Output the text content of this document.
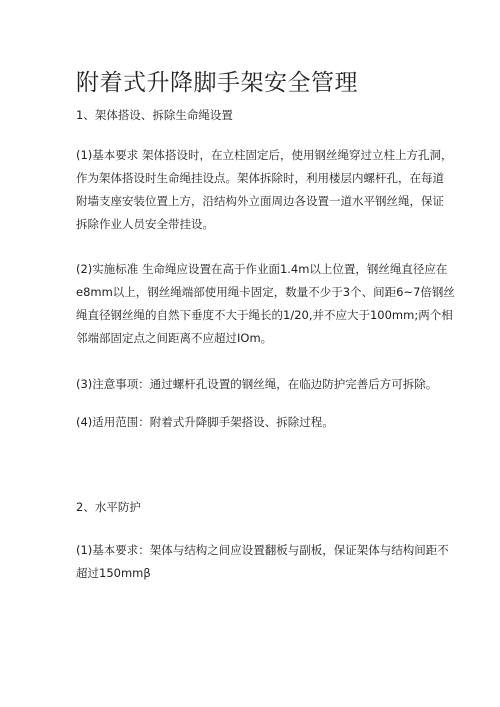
附着式升降脚手架安全管理
1、架体搭设、拆除生命绳设置
(1)基本要求 架体搭设时，在立柱固定后，使用钢丝绳穿过立柱上方孔洞，
作为架体搭设时生命绳挂设点。架体拆除时，利用楼层内螺杆孔，在每道
附墙支座安装位置上方，沿结构外立面周边各设置一道水平钢丝绳，保证
拆除作业人员安全带挂设。
(2)实施标准 生命绳应设置在高于作业面1.4m以上位置，钢丝绳直径应在
e8mm以上，钢丝绳端部使用绳卡固定，数量不少于3个、间距6~7倍钢丝
绳直径钢丝绳的自然下垂度不大于绳长的1/20,并不应大于100mm;两个相
邻端部固定点之间距离不应超过IOm。
(3)注意事项：通过螺杆孔设置的钢丝绳，在临边防护完善后方可拆除。
(4)适用范围：附着式升降脚手架搭设、拆除过程。
2、水平防护
(1)基本要求：架体与结构之间应设置翻板与副板，保证架体与结构间距不
超过150mmβ
